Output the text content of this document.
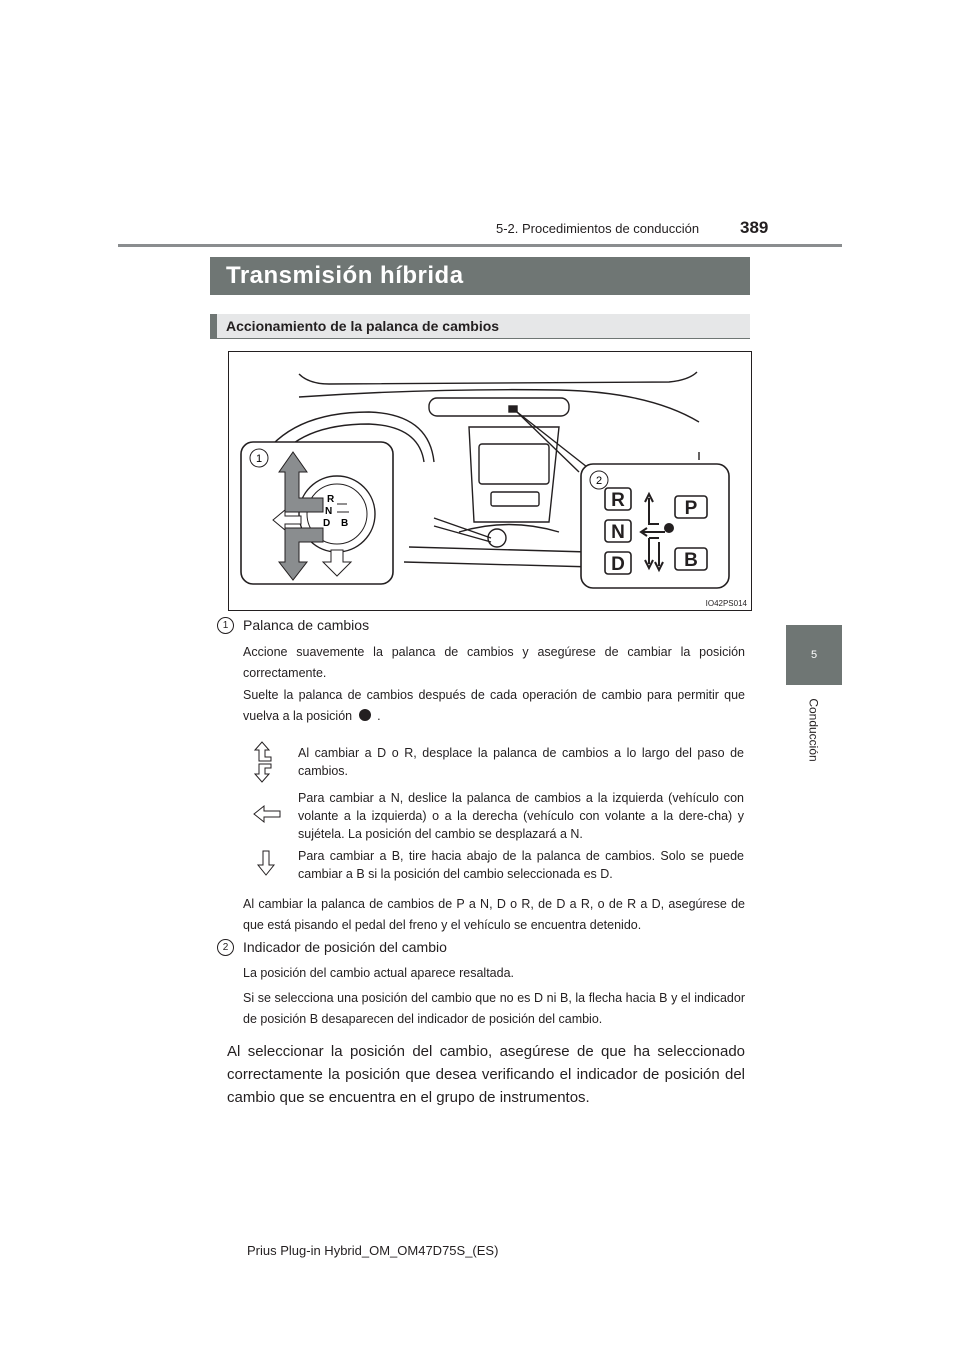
5-2. Procedimientos de conducción 389
5
Conducción
Transmisión híbrida
Accionamiento de la palanca de cambios
1
R
N
D B
2
R
N
D
P
B
IO42PS014
1	Palanca de cambios
Accione suavemente la palanca de cambios y asegúrese de cambiar la posición correctamente.
Suelte la palanca de cambios después de cada operación de cambio para permitir que vuelva a la posición .
Al cambiar a D o R, desplace la palanca de cambios a lo largo del paso de cambios.
Para cambiar a N, deslice la palanca de cambios a la izquierda (vehículo con volante a la izquierda) o a la derecha (vehículo con volante a la dere-cha) y sujétela. La posición del cambio se desplazará a N.
Para cambiar a B, tire hacia abajo de la palanca de cambios. Solo se puede cambiar a B si la posición del cambio seleccionada es D.
Al cambiar la palanca de cambios de P a N, D o R, de D a R, o de R a D, asegúrese de que está pisando el pedal del freno y el vehículo se encuentra detenido.
2	Indicador de posición del cambio
La posición del cambio actual aparece resaltada.
Si se selecciona una posición del cambio que no es D ni B, la flecha hacia B y el indicador de posición B desaparecen del indicador de posición del cambio.
Al seleccionar la posición del cambio, asegúrese de que ha seleccionado correctamente la posición que desea verificando el indicador de posición del cambio que se encuentra en el grupo de instrumentos.
Prius Plug-in Hybrid_OM_OM47D75S_(ES)
